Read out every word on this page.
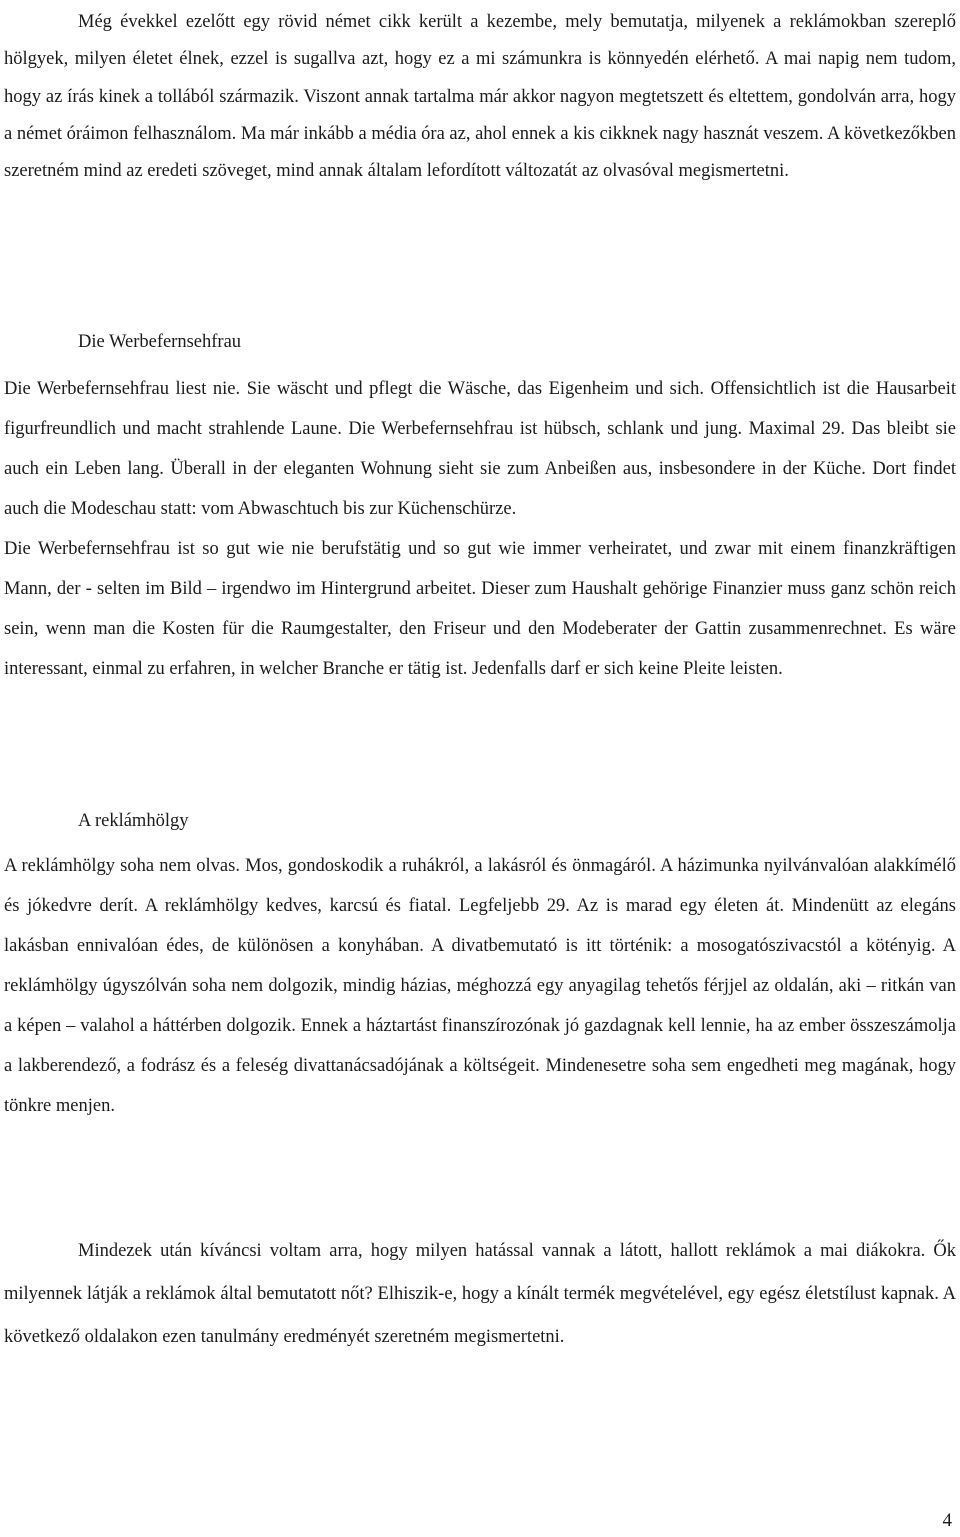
Még évekkel ezelőtt egy rövid német cikk került a kezembe, mely bemutatja, milyenek a reklámokban szereplő hölgyek, milyen életet élnek, ezzel is sugallva azt, hogy ez a mi számunkra is könnyedén elérhető. A mai napig nem tudom, hogy az írás kinek a tollából származik. Viszont annak tartalma már akkor nagyon megtetszett és eltettem, gondolván arra, hogy a német óráimon felhasználom. Ma már inkább a média óra az, ahol ennek a kis cikknek nagy hasznát veszem. A következőkben szeretném mind az eredeti szöveget, mind annak általam lefordított változatát az olvasóval megismertetni.

Die Werbefernsehfrau

Die Werbefernsehfrau liest nie. Sie wäscht und pflegt die Wäsche, das Eigenheim und sich. Offensichtlich ist die Hausarbeit figurfreundlich und macht strahlende Laune. Die Werbefernsehfrau ist hübsch, schlank und jung. Maximal 29. Das bleibt sie auch ein Leben lang. Überall in der eleganten Wohnung sieht sie zum Anbeißen aus, insbesondere in der Küche. Dort findet auch die Modeschau statt: vom Abwaschtuch bis zur Küchenschürze.

Die Werbefernsehfrau ist so gut wie nie berufstätig und so gut wie immer verheiratet, und zwar mit einem finanzkräftigen Mann, der - selten im Bild – irgendwo im Hintergrund arbeitet. Dieser zum Haushalt gehörige Finanzier muss ganz schön reich sein, wenn man die Kosten für die Raumgestalter, den Friseur und den Modeberater der Gattin zusammenrechnet. Es wäre interessant, einmal zu erfahren, in welcher Branche er tätig ist. Jedenfalls darf er sich keine Pleite leisten.

A reklámhölgy

A reklámhölgy soha nem olvas. Mos, gondoskodik a ruhákról, a lakásról és önmagáról. A házimunka nyilvánvalóan alakkímélő és jókedvre derít. A reklámhölgy kedves, karcsú és fiatal. Legfeljebb 29. Az is marad egy életen át. Mindenütt az elegáns lakásban ennivalóan édes, de különösen a konyhában. A divatbemutató is itt történik: a mosogatószivacstól a kötényig. A reklámhölgy úgyszólván soha nem dolgozik, mindig házias, méghozzá egy anyagilag tehetős férjjel az oldalán, aki – ritkán van a képen – valahol a háttérben dolgozik. Ennek a háztartást finanszírozónak jó gazdagnak kell lennie, ha az ember összeszámolja a lakberendező, a fodrász és a feleség divattanácsadójának a költségeit. Mindenesetre soha sem engedheti meg magának, hogy tönkre menjen.

Mindezek után kíváncsi voltam arra, hogy milyen hatással vannak a látott, hallott reklámok a mai diákokra. Ők milyennek látják a reklámok által bemutatott nőt? Elhiszik-e, hogy a kínált termék megvételével, egy egész életstílust kapnak. A következő oldalakon ezen tanulmány eredményét szeretném megismertetni.

4
